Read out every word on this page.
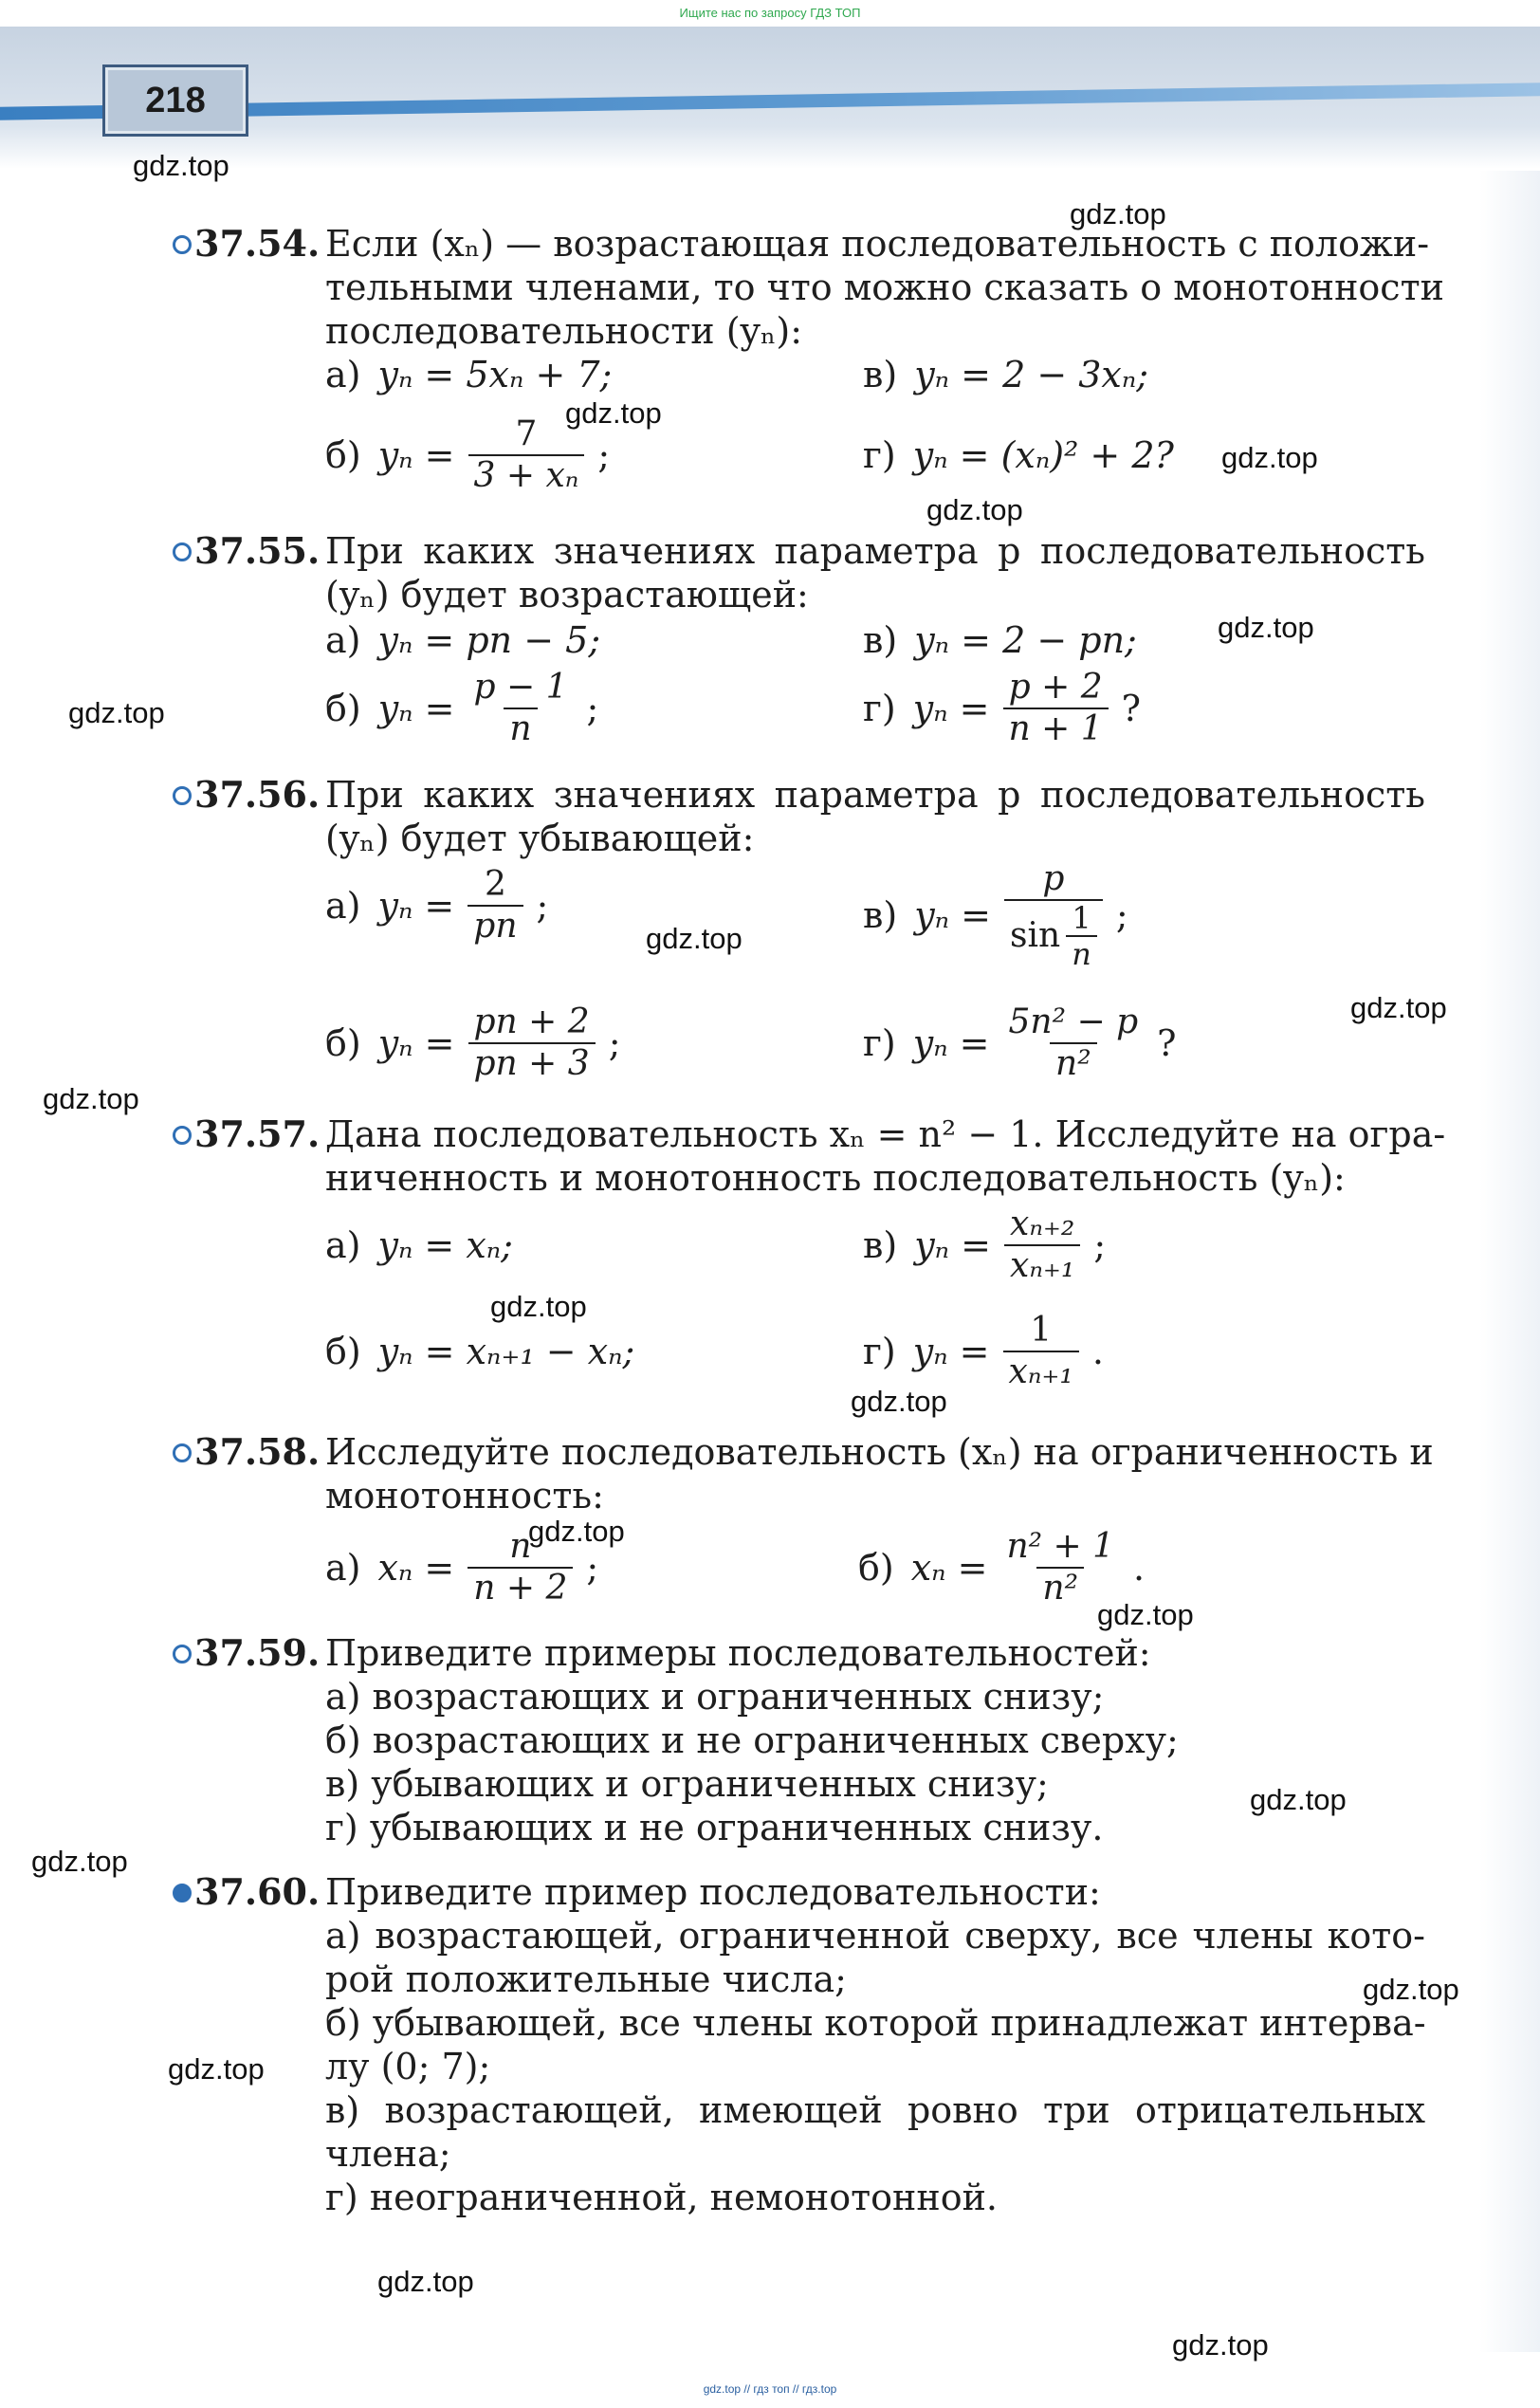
Ищите нас по запросу ГДЗ ТОП
218
37.54. Если (xₙ) — возрастающая последовательность с положи-
тельными членами, то что можно сказать о монотонности
последовательности (yₙ):
а) yₙ = 5xₙ + 7;	в) yₙ = 2 − 3xₙ;
б) $y_n = \frac{7}{\text{3 + xₙ}}$ ;	г) yₙ = (xₙ)² + 2?
37.55. При каких значениях параметра p последовательность
(yₙ) будет возрастающей:
а) yₙ = pn − 5;	в) yₙ = 2 − pn;
б) $y_n = \frac{p - 1}{n}$ ;	г) $y_n = \frac{p + 2}{n + 1}$ ?
37.56. При каких значениях параметра p последовательность
(yₙ) будет убывающей:
а) $y_n = \frac{2}{pn}$ ;	в) $y_n = \frac{p}{\sin \frac{1}{n}}$ ;
б) $y_n = \frac{pn + 2}{pn + 3}$ ;	г) $y_n = \frac{\text{5n² − p}}{\text{n²}}$ ?
37.57. Дана последовательность xₙ = n² − 1. Исследуйте на огра-
ниченность и монотонность последовательность (yₙ):
а) yₙ = xₙ;	в) $y_n = \frac{\text{xₙ₊₂}}{\text{xₙ₊₁}}$ ;
б) yₙ = xₙ₊₁ − xₙ;	г) $y_n = \frac{1}{\text{xₙ₊₁}}$ .
37.58. Исследуйте последовательность (xₙ) на ограниченность и
монотонность:
а) $x_n = \frac{n}{n + 2}$ ;	б) $x_n = \frac{\text{n² + 1}}{\text{n²}}$ .
37.59. Приведите примеры последовательностей:
а) возрастающих и ограниченных снизу;
б) возрастающих и не ограниченных сверху;
в) убывающих и ограниченных снизу;
г) убывающих и не ограниченных снизу.
37.60. Приведите пример последовательности:
а) возрастающей, ограниченной сверху, все члены кото-
рой положительные числа;
б) убывающей, все члены которой принадлежат интерва-
лу (0; 7);
в) возрастающей, имеющей ровно три отрицательных
члена;
г) неограниченной, немонотонной.
gdz.top
gdz.top
gdz.top
gdz.top
gdz.top
gdz.top
gdz.top
gdz.top
gdz.top
gdz.top
gdz.top
gdz.top
gdz.top
gdz.top
gdz.top
gdz.top
gdz.top
gdz.top
gdz.top
gdz.top
gdz.top // гдз топ // гдз.top
